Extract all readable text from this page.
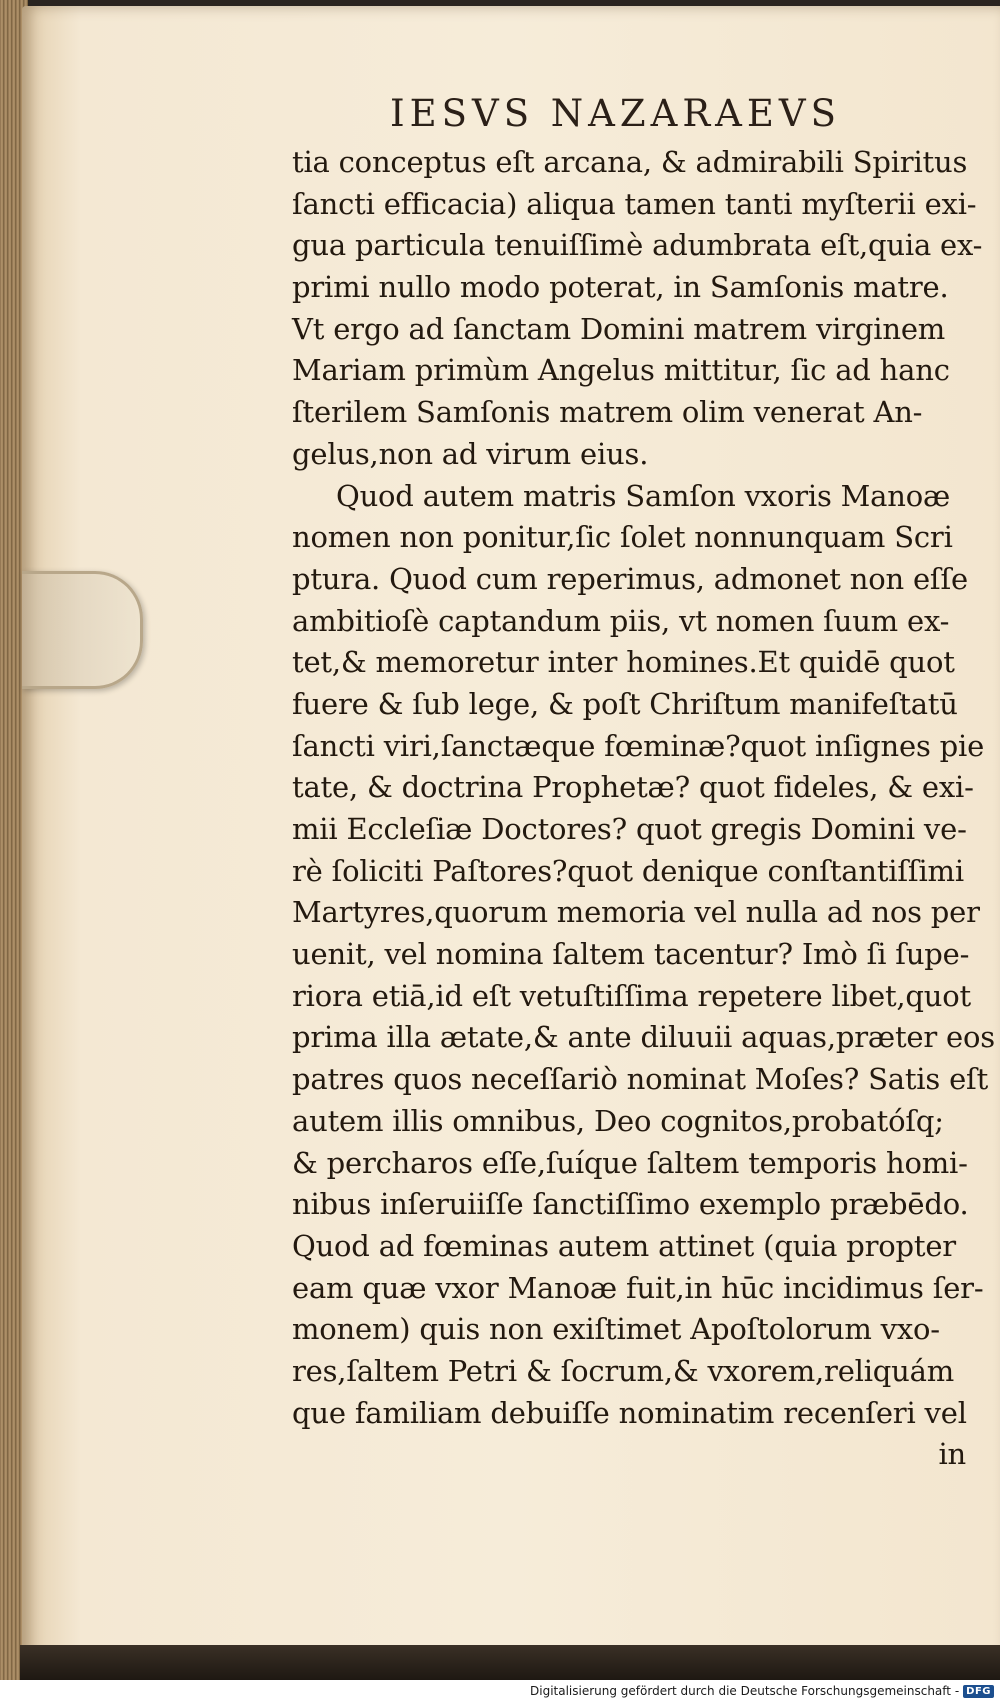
IESVS NAZARAEVS
tia conceptus eſt arcana, & admirabili Spiritus
ſancti efficacia) aliqua tamen tanti myſterii exi-
gua particula tenuiſſimè adumbrata eſt,quia ex-
primi nullo modo poterat, in Samſonis matre.
Vt ergo ad ſanctam Domini matrem virginem
Mariam primùm Angelus mittitur, ſic ad hanc
ſterilem Samſonis matrem olim venerat An-
gelus,non ad virum eius.
Quod autem matris Samſon vxoris Manoæ
nomen non ponitur,ſic ſolet nonnunquam Scri
ptura. Quod cum reperimus, admonet non eſſe
ambitioſè captandum piis, vt nomen ſuum ex-
tet,& memoretur inter homines.Et quidē quot
fuere & ſub lege, & poſt Chriſtum manifeſtatū
ſancti viri,ſanctæque fœminæ?quot inſignes pie
tate, & doctrina Prophetæ? quot fideles, & exi-
mii Eccleſiæ Doctores? quot gregis Domini ve-
rè ſoliciti Paſtores?quot denique conſtantiſſimi
Martyres,quorum memoria vel nulla ad nos per
uenit, vel nomina ſaltem tacentur? Imò ſi ſupe-
riora etiā,id eſt vetuſtiſſima repetere libet,quot
prima illa ætate,& ante diluuii aquas,præter eos
patres quos neceſſariò nominat Moſes? Satis eſt
autem illis omnibus, Deo cognitos,probatóſq;
& percharos eſſe,ſuíque ſaltem temporis homi-
nibus inſeruiiſſe ſanctiſſimo exemplo præbēdo.
Quod ad fœminas autem attinet (quia propter
eam quæ vxor Manoæ fuit,in hūc incidimus ſer-
monem) quis non exiſtimet Apoſtolorum vxo-
res,ſaltem Petri & ſocrum,& vxorem,reliquám
que familiam debuiſſe nominatim recenſeri vel
in
Digitalisierung gefördert durch die Deutsche Forschungsgemeinschaft - DFG
